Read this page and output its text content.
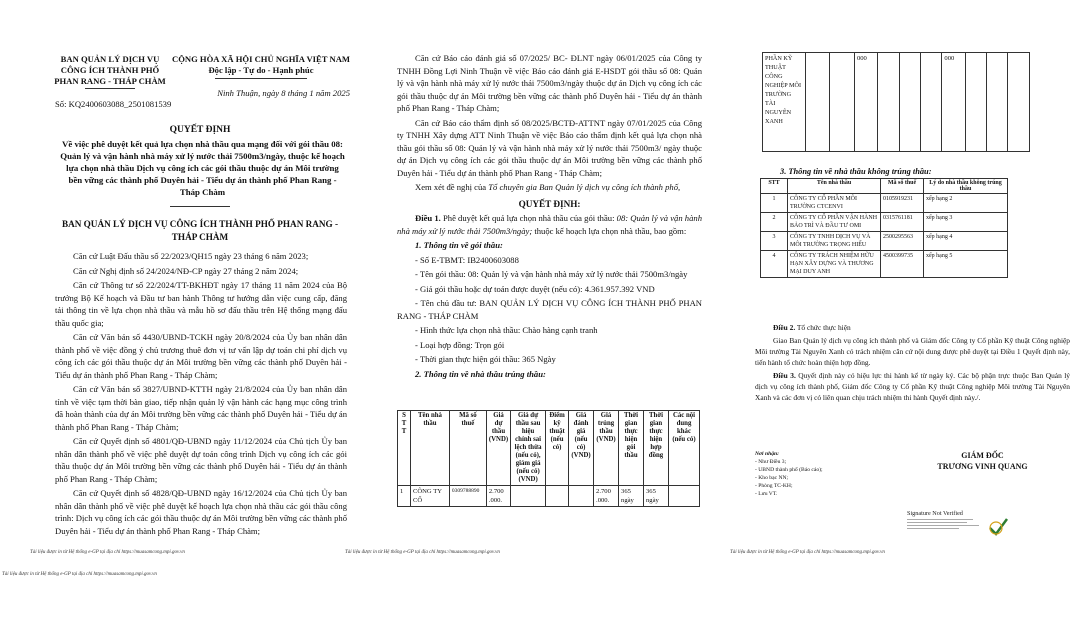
BAN QUẢN LÝ DỊCH VỤ
CÔNG ÍCH THÀNH PHỐ
PHAN RANG - THÁP CHÀM
CỘNG HÒA XÃ HỘI CHỦ NGHĨA VIỆT NAM
Độc lập - Tự do - Hạnh phúc
Ninh Thuận, ngày 8 tháng 1 năm 2025
Số: KQ2400603088_2501081539
QUYẾT ĐỊNH
Về việc phê duyệt kết quả lựa chọn nhà thầu qua mạng đối với gói thầu 08: Quản lý và vận hành nhà máy xử lý nước thải 7500m3/ngày, thuộc kế hoạch lựa chọn nhà thầu Dịch vụ công ích các gói thầu thuộc dự án Môi trường bền vững các thành phố Duyên hải - Tiểu dự án thành phố Phan Rang - Tháp Chàm
BAN QUẢN LÝ DỊCH VỤ CÔNG ÍCH THÀNH PHỐ PHAN RANG - THÁP CHÀM

Căn cứ Luật Đấu thầu số 22/2023/QH15 ngày 23 tháng 6 năm 2023;

Căn cứ Nghị định số 24/2024/NĐ-CP ngày 27 tháng 2 năm 2024;

Căn cứ Thông tư số 22/2024/TT-BKHĐT ngày 17 tháng 11 năm 2024 của Bộ trưởng Bộ Kế hoạch và Đầu tư ban hành Thông tư hướng dẫn việc cung cấp, đăng tải thông tin về lựa chọn nhà thầu và mẫu hồ sơ đấu thầu trên Hệ thống mạng đấu thầu quốc gia;

Căn cứ Văn bản số 4430/UBND-TCKH ngày 20/8/2024 của Ủy ban nhân dân thành phố về việc đồng ý chủ trương thuê đơn vị tư vấn lập dự toán chi phí dịch vụ công ích các gói thầu thuộc dự án Môi trường bền vững các thành phố Duyên hải - Tiểu dự án thành phố Phan Rang - Tháp Chàm;

Căn cứ Văn bản số 3827/UBND-KTTH ngày 21/8/2024 của Ủy ban nhân dân tỉnh về việc tạm thời bàn giao, tiếp nhận quản lý vận hành các hạng mục công trình đã hoàn thành của dự án Môi trường bền vững các thành phố Duyên hải - Tiểu dự án thành phố Phan Rang - Tháp Chàm;

Căn cứ Quyết định số 4801/QĐ-UBND ngày 11/12/2024 của Chủ tịch Ủy ban nhân dân thành phố về việc phê duyệt dự toán công trình Dịch vụ công ích các gói thầu thuộc dự án Môi trường bền vững các thành phố Duyên hải - Tiểu dự án thành phố Phan Rang - Tháp Chàm;

Căn cứ Quyết định số 4828/QĐ-UBND ngày 16/12/2024 của Chủ tịch Ủy ban nhân dân thành phố về việc phê duyệt kế hoạch lựa chọn nhà thầu các gói thầu công trình: Dịch vụ công ích các gói thầu thuộc dự án Môi trường bền vững các thành phố Duyên hải - Tiểu dự án thành phố Phan Rang - Tháp Chàm;

Tài liệu được in từ Hệ thống e-GP tại địa chỉ https://muasamcong.mpi.gov.vn

Căn cứ Báo cáo đánh giá số 07/2025/ BC- ĐLNT ngày 06/01/2025 của Công ty TNHH Đồng Lợi Ninh Thuận về việc Báo cáo đánh giá E-HSDT gói thầu số 08: Quản lý và vận hành nhà máy xử lý nước thải 7500m3/ngày thuộc dự án Dịch vụ công ích các gói thầu thuộc dự án Môi trường bền vững các thành phố Duyên hải - Tiểu dự án thành phố Phan Rang - Tháp Chàm;

Căn cứ Báo cáo thẩm định số 08/2025/BCTĐ-ATTNT ngày 07/01/2025 của Công ty TNHH Xây dựng ATT Ninh Thuận về việc Báo cáo thẩm định kết quả lựa chọn nhà thầu gói thầu số 08: Quản lý và vận hành nhà máy xử lý nước thải 7500m3/ ngày thuộc dự án Dịch vụ công ích các gói thầu thuộc dự án Môi trường bền vững các thành phố Duyên hải - Tiểu dự án thành phố Phan Rang - Tháp Chàm;

Xem xét đề nghị của Tổ chuyên gia Ban Quản lý dịch vụ công ích thành phố,

QUYẾT ĐỊNH:

Điều 1. Phê duyệt kết quả lựa chọn nhà thầu của gói thầu: 08: Quản lý và vận hành nhà máy xử lý nước thải 7500m3/ngày; thuộc kế hoạch lựa chọn nhà thầu, bao gồm:

1. Thông tin về gói thầu:

- Số E-TBMT: IB2400603088

- Tên gói thầu: 08: Quản lý và vận hành nhà máy xử lý nước thải 7500m3/ngày

- Giá gói thầu hoặc dự toán được duyệt (nếu có): 4.361.957.392 VND

- Tên chủ đầu tư: BAN QUẢN LÝ DỊCH VỤ CÔNG ÍCH THÀNH PHỐ PHAN RANG - THÁP CHÀM

- Hình thức lựa chọn nhà thầu: Chào hàng cạnh tranh

- Loại hợp đồng: Trọn gói

- Thời gian thực hiện gói thầu: 365 Ngày

2. Thông tin về nhà thầu trúng thầu:

S T T	Tên nhà thầu	Mã số thuế	Giá dự thầu (VND)	Giá dự thầu sau hiệu chỉnh sai lệch thừa (nếu có), giảm giá (nếu có) (VND)	Điểm kỹ thuật (nếu có)	Giá đánh giá (nếu có) (VND)	Giá trúng thầu (VND)	Thời gian thực hiện gói thầu	Thời gian thực hiện hợp đồng	Các nội dung khác (nếu có)
1	CÔNG TY CỔ	0309788890	2.700 .000.				2.700 .000.	365 ngày	365 ngày	
Tài liệu được in từ Hệ thống e-GP tại địa chỉ https://muasamcong.mpi.gov.vn
PHẦN KỸ THUẬT CÔNG NGHIỆP MÔI TRƯỜNG TÀI NGUYÊN XANH			000				000			
3. Thông tin về nhà thầu không trúng thầu:
STT	Tên nhà thầu	Mã số thuế	Lý do nhà thầu không trúng thầu
1	CÔNG TY CỔ PHẦN MÔI TRƯỜNG CTCENVI	0105919231	xếp hạng 2
2	CÔNG TY CỔ PHẦN VẬN HÀNH BẢO TRÌ VÀ ĐẦU TƯ OMI	0315761181	xếp hạng 3
3	CÔNG TY TNHH DỊCH VỤ VÀ MÔI TRƯỜNG TRỌNG HIẾU	2500295563	xếp hạng 4
4	CÔNG TY TRÁCH NHIỆM HỮU HẠN XÂY DỰNG VÀ THƯƠNG MẠI DUY ANH	4500399735	xếp hạng 5

Điều 2. Tổ chức thực hiện

Giao Ban Quản lý dịch vụ công ích thành phố và Giám đốc Công ty Cổ phần Kỹ thuật Công nghiệp Môi trường Tài Nguyên Xanh có trách nhiệm căn cứ nội dung được phê duyệt tại Điều 1 Quyết định này, tiến hành tổ chức hoàn thiện hợp đồng.

Điều 3. Quyết định này có hiệu lực thi hành kể từ ngày ký. Các bộ phận trực thuộc Ban Quản lý dịch vụ công ích thành phố, Giám đốc Công ty Cổ phần Kỹ thuật Công nghiệp Môi trường Tài Nguyên Xanh và các đơn vị có liên quan chịu trách nhiệm thi hành Quyết định này./.

Nơi nhận:
- Như Điều 3;
- UBND thành phố (Báo cáo);
- Kho bạc NN;
- Phòng TC-KH;
- Lưu VT.
GIÁM ĐỐC
TRƯƠNG VINH QUANG
Signature Not Verified
Tài liệu được in từ Hệ thống e-GP tại địa chỉ https://muasamcong.mpi.gov.vn
Tài liệu được in từ Hệ thống e-GP tại địa chỉ https://muasamcong.mpi.gov.vn
